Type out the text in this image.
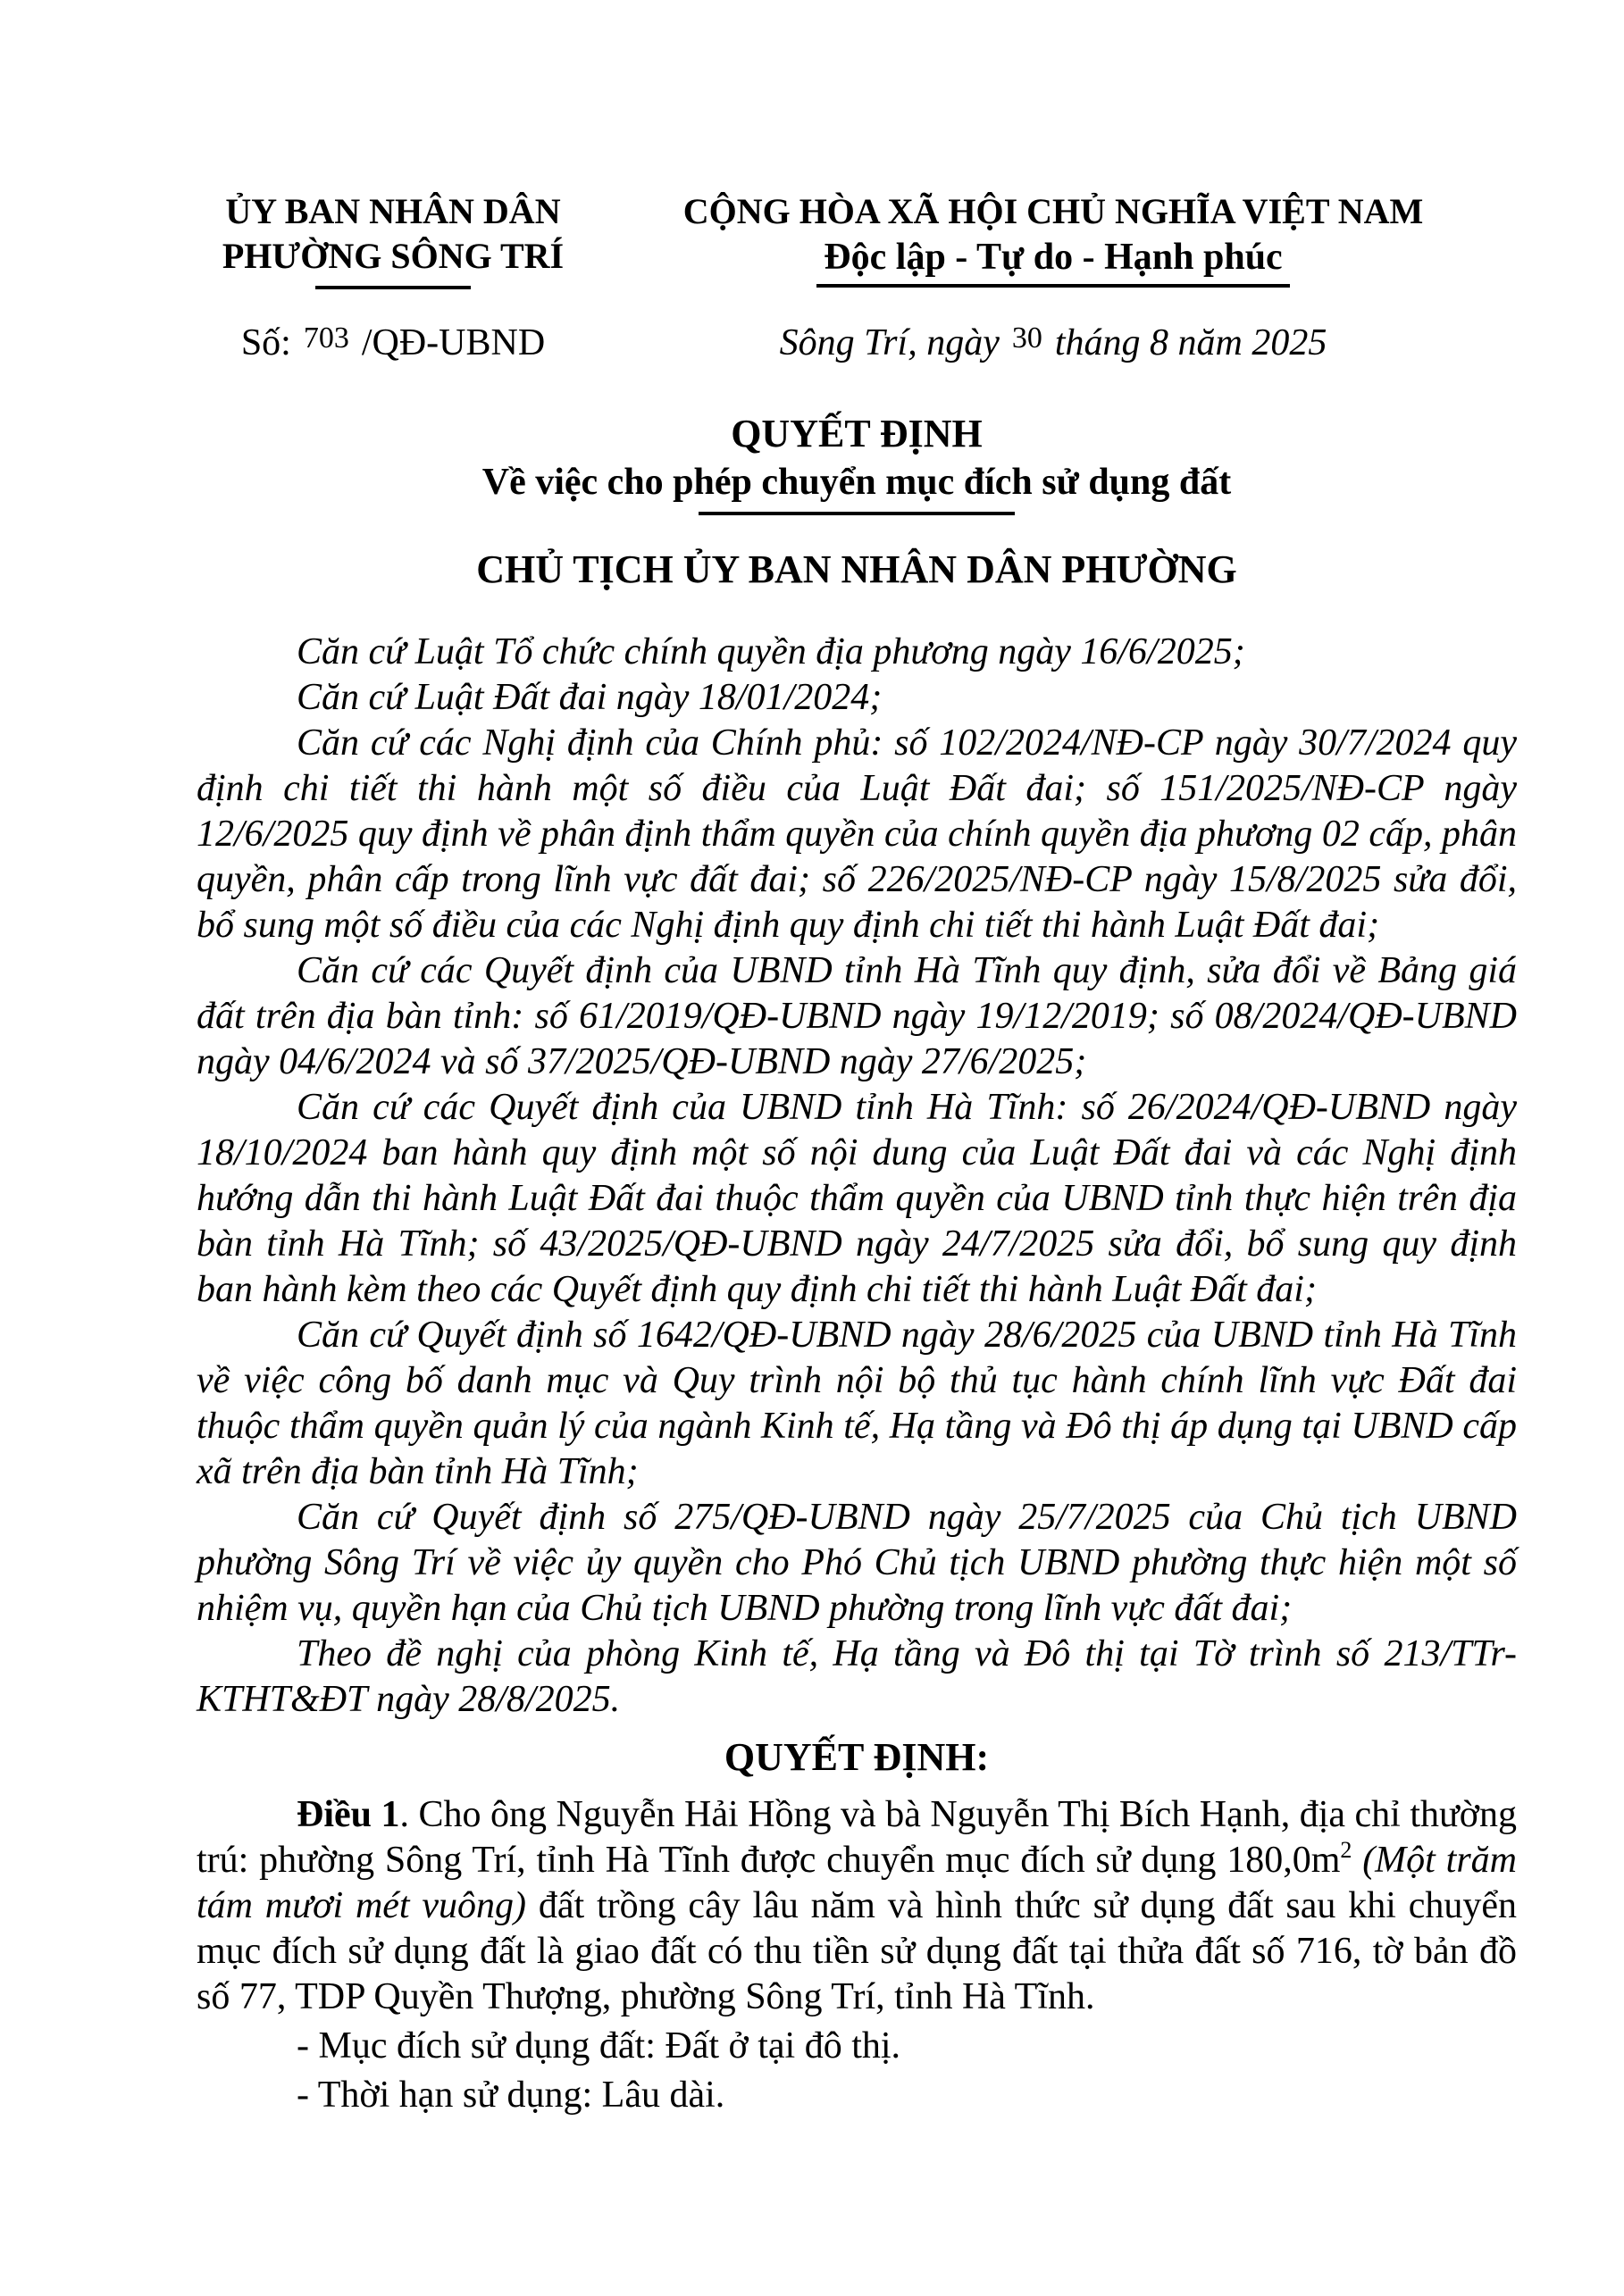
ỦY BAN NHÂN DÂN
PHƯỜNG SÔNG TRÍ
Số: 703 /QĐ-UBND
CỘNG HÒA XÃ HỘI CHỦ NGHĨA VIỆT NAM
Độc lập - Tự do - Hạnh phúc
Sông Trí, ngày 30 tháng 8 năm 2025
QUYẾT ĐỊNH
Về việc cho phép chuyển mục đích sử dụng đất
CHỦ TỊCH ỦY BAN NHÂN DÂN PHƯỜNG

Căn cứ Luật Tổ chức chính quyền địa phương ngày 16/6/2025;

Căn cứ Luật Đất đai ngày 18/01/2024;

Căn cứ các Nghị định của Chính phủ: số 102/2024/NĐ-CP ngày 30/7/2024 quy định chi tiết thi hành một số điều của Luật Đất đai; số 151/2025/NĐ-CP ngày 12/6/2025 quy định về phân định thẩm quyền của chính quyền địa phương 02 cấp, phân quyền, phân cấp trong lĩnh vực đất đai; số 226/2025/NĐ-CP ngày 15/8/2025 sửa đổi, bổ sung một số điều của các Nghị định quy định chi tiết thi hành Luật Đất đai;

Căn cứ các Quyết định của UBND tỉnh Hà Tĩnh quy định, sửa đổi về Bảng giá đất trên địa bàn tỉnh: số 61/2019/QĐ-UBND ngày 19/12/2019; số 08/2024/QĐ-UBND ngày 04/6/2024 và số 37/2025/QĐ-UBND ngày 27/6/2025;

Căn cứ các Quyết định của UBND tỉnh Hà Tĩnh: số 26/2024/QĐ-UBND ngày 18/10/2024 ban hành quy định một số nội dung của Luật Đất đai và các Nghị định hướng dẫn thi hành Luật Đất đai thuộc thẩm quyền của UBND tỉnh thực hiện trên địa bàn tỉnh Hà Tĩnh; số 43/2025/QĐ-UBND ngày 24/7/2025 sửa đổi, bổ sung quy định ban hành kèm theo các Quyết định quy định chi tiết thi hành Luật Đất đai;

Căn cứ Quyết định số 1642/QĐ-UBND ngày 28/6/2025 của UBND tỉnh Hà Tĩnh về việc công bố danh mục và Quy trình nội bộ thủ tục hành chính lĩnh vực Đất đai thuộc thẩm quyền quản lý của ngành Kinh tế, Hạ tầng và Đô thị áp dụng tại UBND cấp xã trên địa bàn tỉnh Hà Tĩnh;

Căn cứ Quyết định số 275/QĐ-UBND ngày 25/7/2025 của Chủ tịch UBND phường Sông Trí về việc ủy quyền cho Phó Chủ tịch UBND phường thực hiện một số nhiệm vụ, quyền hạn của Chủ tịch UBND phường trong lĩnh vực đất đai;

Theo đề nghị của phòng Kinh tế, Hạ tầng và Đô thị tại Tờ trình số 213/TTr-KTHT&ĐT ngày 28/8/2025.

QUYẾT ĐỊNH:

Điều 1. Cho ông Nguyễn Hải Hồng và bà Nguyễn Thị Bích Hạnh, địa chỉ thường trú: phường Sông Trí, tỉnh Hà Tĩnh được chuyển mục đích sử dụng $180,0m^2$ (Một trăm tám mươi mét vuông) đất trồng cây lâu năm và hình thức sử dụng đất sau khi chuyển mục đích sử dụng đất là giao đất có thu tiền sử dụng đất tại thửa đất số 716, tờ bản đồ số 77, TDP Quyền Thượng, phường Sông Trí, tỉnh Hà Tĩnh.

- Mục đích sử dụng đất: Đất ở tại đô thị.

- Thời hạn sử dụng: Lâu dài.
